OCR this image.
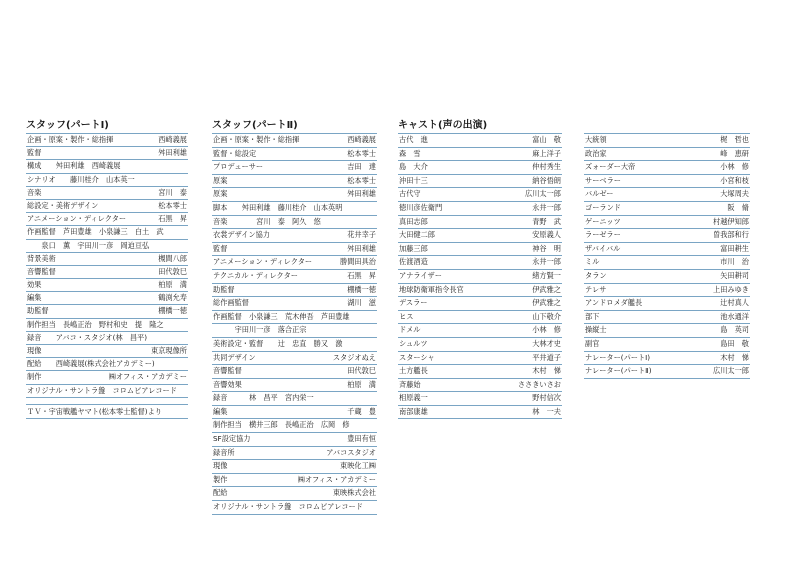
スタッフ(パートⅠ)
企画・原案・製作・総指揮	西崎義展
監督	舛田利雄
構成　　舛田利雄　西崎義展
シナリオ　　藤川桂介　山本英一
音楽	宮川　泰
総設定・美術デザイン	松本零士
アニメーション・ディレクター	石黒　昇
作画監督　芦田豊雄　小泉謙三　白土　武
　　泉口　薫　宇田川一彦　岡迫亘弘
背景美術	槻間八郎
音響監督	田代敦巳
効果	柏原　満
編集	鶴渕允寿
助監督	棚橋一徳
制作担当　長嶋正治　野村和史　提　隆之
録音　　アバコ・スタジオ(林　昌平)
現像	東京現像所
配給　　西崎義展(株式会社アカデミー)
制作	㈱オフィス・アカデミー
オリジナル・サントラ盤　コロムビアレコード
ＴＶ・宇宙戦艦ヤマト(松本零士監督)より
スタッフ(パートⅡ)
企画・原案・製作・総指揮	西崎義展
監督・総設定	松本零士
プロデューサー	吉田　達
原案	松本零士
原案	舛田利雄
脚本　　舛田利雄　藤川桂介　山本英明
音楽　　　　宮川　泰　阿久　悠
衣裳デザイン協力	花井幸子
監督	舛田利雄
アニメーション・ディレクター	勝間田具治
テクニカル・ディレクター	石黒　昇
助監督	棚橋一徳
総作画監督	湖川　滋
作画監督　小泉謙三　荒木伸吾　芦田豊雄
　　　宇田川一彦　落合正宗
美術設定・監督　　辻　忠直　勝又　激
共同デザイン	スタジオぬえ
音響監督	田代敦巳
音響効果	柏原　満
録音　　　林　昌平　宮内栄一
編集	千蔵　豊
制作担当　横井三郎　長嶋正治　広岡　修
SF設定協力	豊田有恒
録音所	アバコスタジオ
現像	東映化工㈱
製作	㈱オフィス・アカデミー
配給	東映株式会社
オリジナル・サントラ盤　コロムビアレコード
キャスト(声の出演)
古代　進	富山　敬
森　雪	麻上洋子
島　大介	仲村秀生
沖田十三	納谷悟朗
古代守	広川太一郎
徳川彦佐衛門	永井一郎
真田志郎	青野　武
大田健二郎	安原義人
加藤三郎	神谷　明
佐渡酒造	永井一郎
アナライザー	緒方賢一
地球防衛軍指令長官	伊武雅之
デスラー	伊武雅之
ヒス	山下敬介
ドメル	小林　修
シュルツ	大林才史
スターシャ	平井道子
土方艦長	木村　悌
斉藤始	ささきいさお
相原義一	野村信次
南部康雄	林　一夫
大統領	梶　哲也
政治家	峰　恵研
ズォーダー大帝	小林　修
サーベラー	小宮和枝
バルゼー	大塚周夫
ゴーランド	阪　脩
ゲーニッツ	村越伊知郎
ラーゼラー	曽我部和行
ザバイバル	富田耕生
ミル	市川　治
タラン	矢田耕司
テレサ	上田みゆき
アンドロメダ艦長	辻村真人
部下	池水通洋
操縦士	島　英司
副官	島田　敬
ナレーター(パートⅠ)	木村　悌
ナレーター(パートⅡ)	広川太一郎
